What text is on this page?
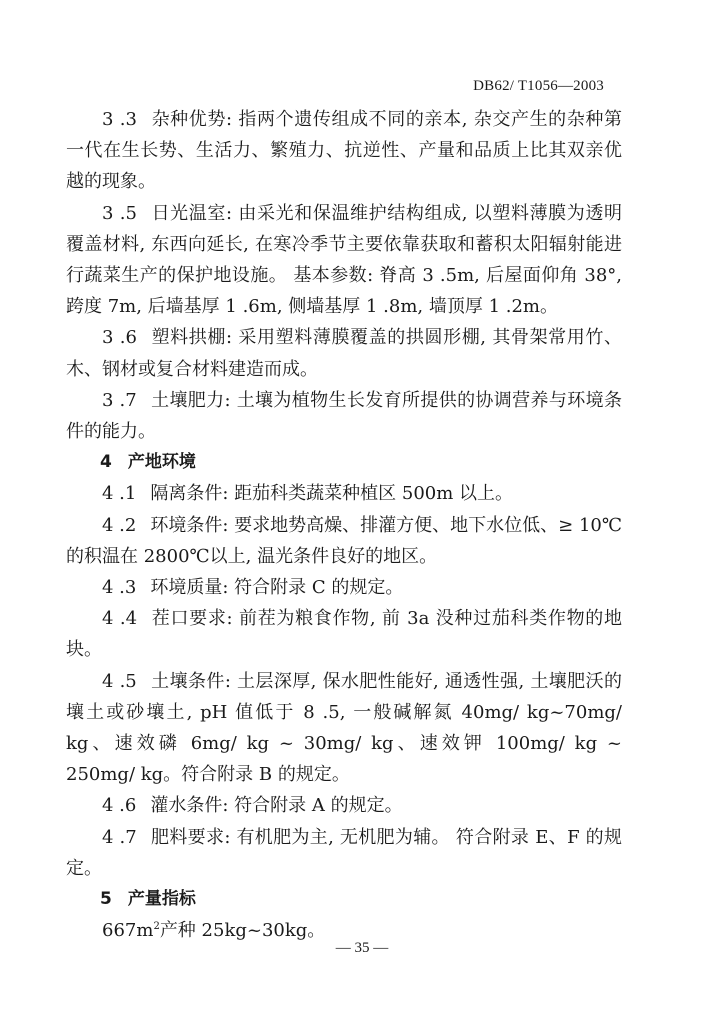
DB62/ T1056—2003

3 .3 杂种优势: 指两个遗传组成不同的亲本, 杂交产生的杂种第一代在生长势、生活力、繁殖力、抗逆性、产量和品质上比其双亲优越的现象。

3 .5 日光温室: 由采光和保温维护结构组成, 以塑料薄膜为透明覆盖材料, 东西向延长, 在寒冷季节主要依靠获取和蓄积太阳辐射能进行蔬菜生产的保护地设施。 基本参数: 脊高 3 .5m, 后屋面仰角 38°, 跨度 7m, 后墙基厚 1 .6m, 侧墙基厚 1 .8m, 墙顶厚 1 .2m。

3 .6 塑料拱棚: 采用塑料薄膜覆盖的拱圆形棚, 其骨架常用竹、木、钢材或复合材料建造而成。

3 .7 土壤肥力: 土壤为植物生长发育所提供的协调营养与环境条件的能力。

4 产地环境

4 .1 隔离条件: 距茄科类蔬菜种植区 500m 以上。

4 .2 环境条件: 要求地势高燥、排灌方便、地下水位低、≥ 10℃的积温在 2800℃以上, 温光条件良好的地区。

4 .3 环境质量: 符合附录 C 的规定。

4 .4 茬口要求: 前茬为粮食作物, 前 3a 没种过茄科类作物的地块。

4 .5 土壤条件: 土层深厚, 保水肥性能好, 通透性强, 土壤肥沃的壤土或砂壤土, pH 值低于 8 .5, 一般碱解氮 40mg/ kg~70mg/ kg、速效磷 6mg/ kg ~ 30mg/ kg、速效钾 100mg/ kg ~ 250mg/ kg。符合附录 B 的规定。

4 .6 灌水条件: 符合附录 A 的规定。

4 .7 肥料要求: 有机肥为主, 无机肥为辅。 符合附录 E、F 的规定。

5 产量指标

$667m^2$产种 25kg~30kg。

— 35 —
